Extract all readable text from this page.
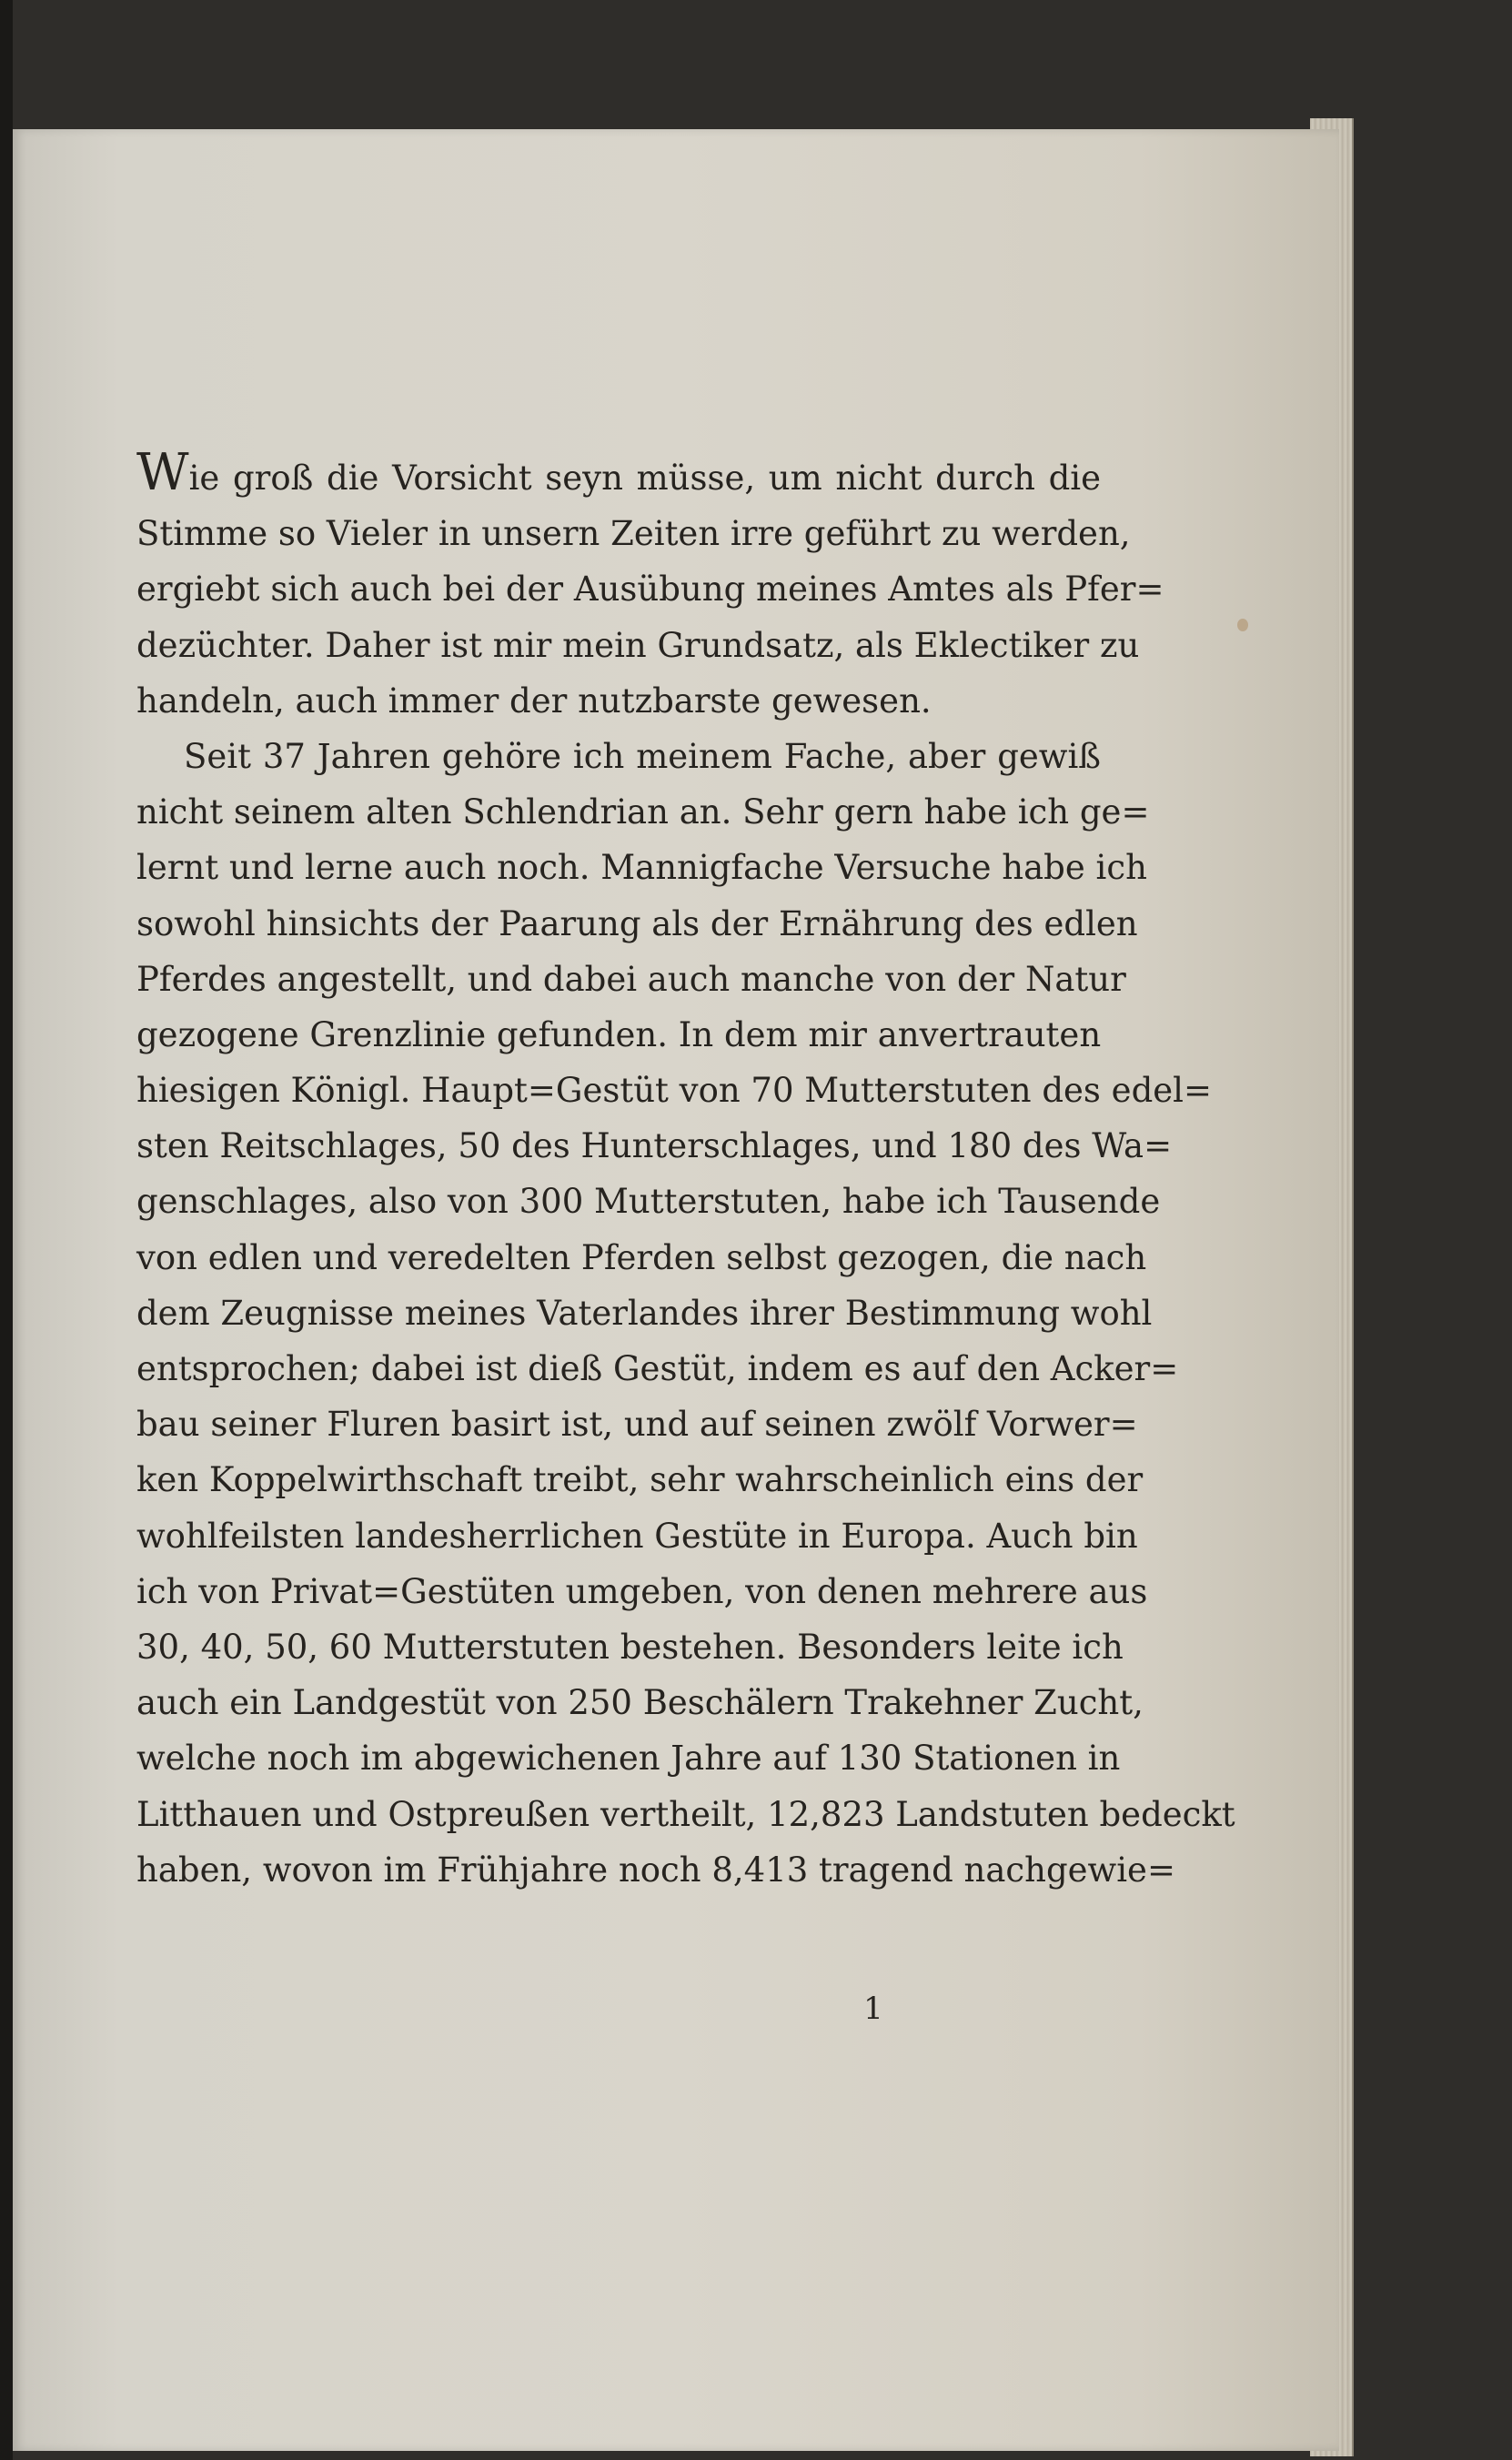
Wie groß die Vorsicht seyn müsse, um nicht durch die
Stimme so Vieler in unsern Zeiten irre geführt zu werden,
ergiebt sich auch bei der Ausübung meines Amtes als Pfer=
dezüchter. Daher ist mir mein Grundsatz, als Eklectiker zu
handeln, auch immer der nutzbarste gewesen.
Seit 37 Jahren gehöre ich meinem Fache, aber gewiß
nicht seinem alten Schlendrian an. Sehr gern habe ich ge=
lernt und lerne auch noch. Mannigfache Versuche habe ich
sowohl hinsichts der Paarung als der Ernährung des edlen
Pferdes angestellt, und dabei auch manche von der Natur
gezogene Grenzlinie gefunden. In dem mir anvertrauten
hiesigen Königl. Haupt=Gestüt von 70 Mutterstuten des edel=
sten Reitschlages, 50 des Hunterschlages, und 180 des Wa=
genschlages, also von 300 Mutterstuten, habe ich Tausende
von edlen und veredelten Pferden selbst gezogen, die nach
dem Zeugnisse meines Vaterlandes ihrer Bestimmung wohl
entsprochen; dabei ist dieß Gestüt, indem es auf den Acker=
bau seiner Fluren basirt ist, und auf seinen zwölf Vorwer=
ken Koppelwirthschaft treibt, sehr wahrscheinlich eins der
wohlfeilsten landesherrlichen Gestüte in Europa. Auch bin
ich von Privat=Gestüten umgeben, von denen mehrere aus
30, 40, 50, 60 Mutterstuten bestehen. Besonders leite ich
auch ein Landgestüt von 250 Beschälern Trakehner Zucht,
welche noch im abgewichenen Jahre auf 130 Stationen in
Litthauen und Ostpreußen vertheilt, 12,823 Landstuten bedeckt
haben, wovon im Frühjahre noch 8,413 tragend nachgewie=
1
